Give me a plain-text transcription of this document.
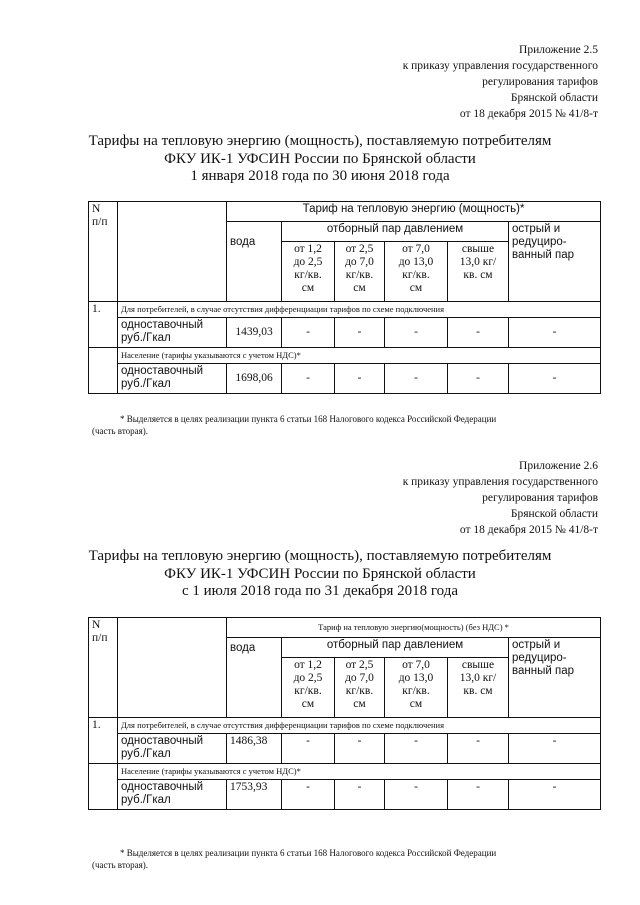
Приложение 2.5
к приказу управления государственного
регулирования тарифов
Брянской области
от 18 декабря 2015 № 41/8-т
Тарифы на тепловую энергию (мощность), поставляемую потребителям
ФКУ ИК-1 УФСИН России по Брянской области
1 января 2018 года по 30 июня 2018 года
N
п/п		Тариф на тепловую энергию (мощность)*					
		вода	отборный пар давлением				острый и
редуциро-
ванный пар
			от 1,2
до 2,5
кг/кв.
см	от 2,5
до 7,0
кг/кв.
см	от 7,0
до 13,0
кг/кв.
см	свыше
13,0 кг/
кв. см	
1.	Для потребителей, в случае отсутствия дифференциации тарифов по схеме подключения						
	одноставочный
руб./Гкал	1439,03	-	-	-	-	-
	Население (тарифы указываются с учетом НДС)*						
	одноставочный
руб./Гкал	1698,06	-	-	-	-	-
* Выделяется в целях реализации пункта 6 статьи 168 Налогового кодекса Российской Федерации
(часть вторая).
Приложение 2.6
к приказу управления государственного
регулирования тарифов
Брянской области
от 18 декабря 2015 № 41/8-т
Тарифы на тепловую энергию (мощность), поставляемую потребителям
ФКУ ИК-1 УФСИН России по Брянской области
с 1 июля 2018 года по 31 декабря 2018 года
N
п/п		Тариф на тепловую энергию(мощность) (без НДС) *					
		вода	отборный пар давлением				острый и
редуциро-
ванный пар
			от 1,2
до 2,5
кг/кв.
см	от 2,5
до 7,0
кг/кв.
см	от 7,0
до 13,0
кг/кв.
см	свыше
13,0 кг/
кв. см	
1.	Для потребителей, в случае отсутствия дифференциации тарифов по схеме подключения						
	одноставочный
руб./Гкал	1486,38	-	-	-	-	-
	Население (тарифы указываются с учетом НДС)*						
	одноставочный
руб./Гкал	1753,93	-	-	-	-	-
* Выделяется в целях реализации пункта 6 статьи 168 Налогового кодекса Российской Федерации
(часть вторая).
